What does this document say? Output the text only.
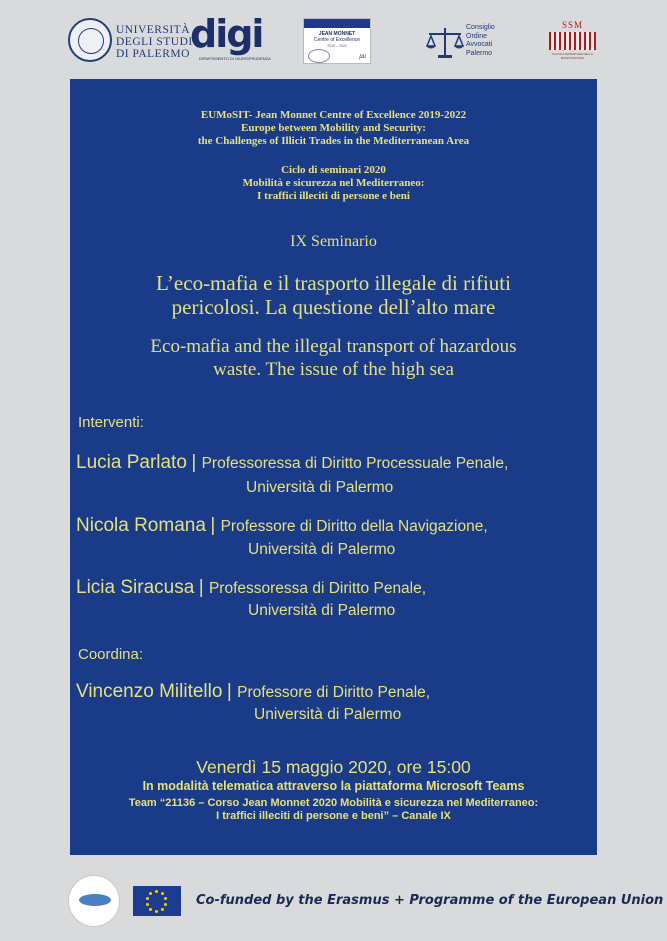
UNIVERSITÀ
DEGLI STUDI
DI PALERMO digi
DIPARTIMENTO DI GIURISPRUDENZA
JEAN MONNET
Centre of Excellence
2019 – 2022
pu
Consiglio
Ordine
Avvocati
Palermo
SSM
SCUOLA SUPERIORE DELLA MAGISTRATURA
EUMoSIT- Jean Monnet Centre of Excellence 2019-2022
Europe between Mobility and Security:
the Challenges of Illicit Trades in the Mediterranean Area
Ciclo di seminari 2020
Mobilità e sicurezza nel Mediterraneo:
I traffici illeciti di persone e beni
IX Seminario
L’eco-mafia e il trasporto illegale di rifiuti
pericolosi. La questione dell’alto mare
Eco-mafia and the illegal transport of hazardous
waste. The issue of the high sea
Interventi:
Lucia Parlato | Professoressa di Diritto Processuale Penale,
Università di Palermo
Nicola Romana | Professore di Diritto della Navigazione,
Università di Palermo
Licia Siracusa | Professoressa di Diritto Penale,
Università di Palermo
Coordina:
Vincenzo Militello | Professore di Diritto Penale,
Università di Palermo
Venerdì 15 maggio 2020, ore 15:00
In modalità telematica attraverso la piattaforma Microsoft Teams
Team “21136 – Corso Jean Monnet 2020 Mobilità e sicurezza nel Mediterraneo:
I traffici illeciti di persone e beni” – Canale IX
Co-funded by the Erasmus + Programme of the European Union
